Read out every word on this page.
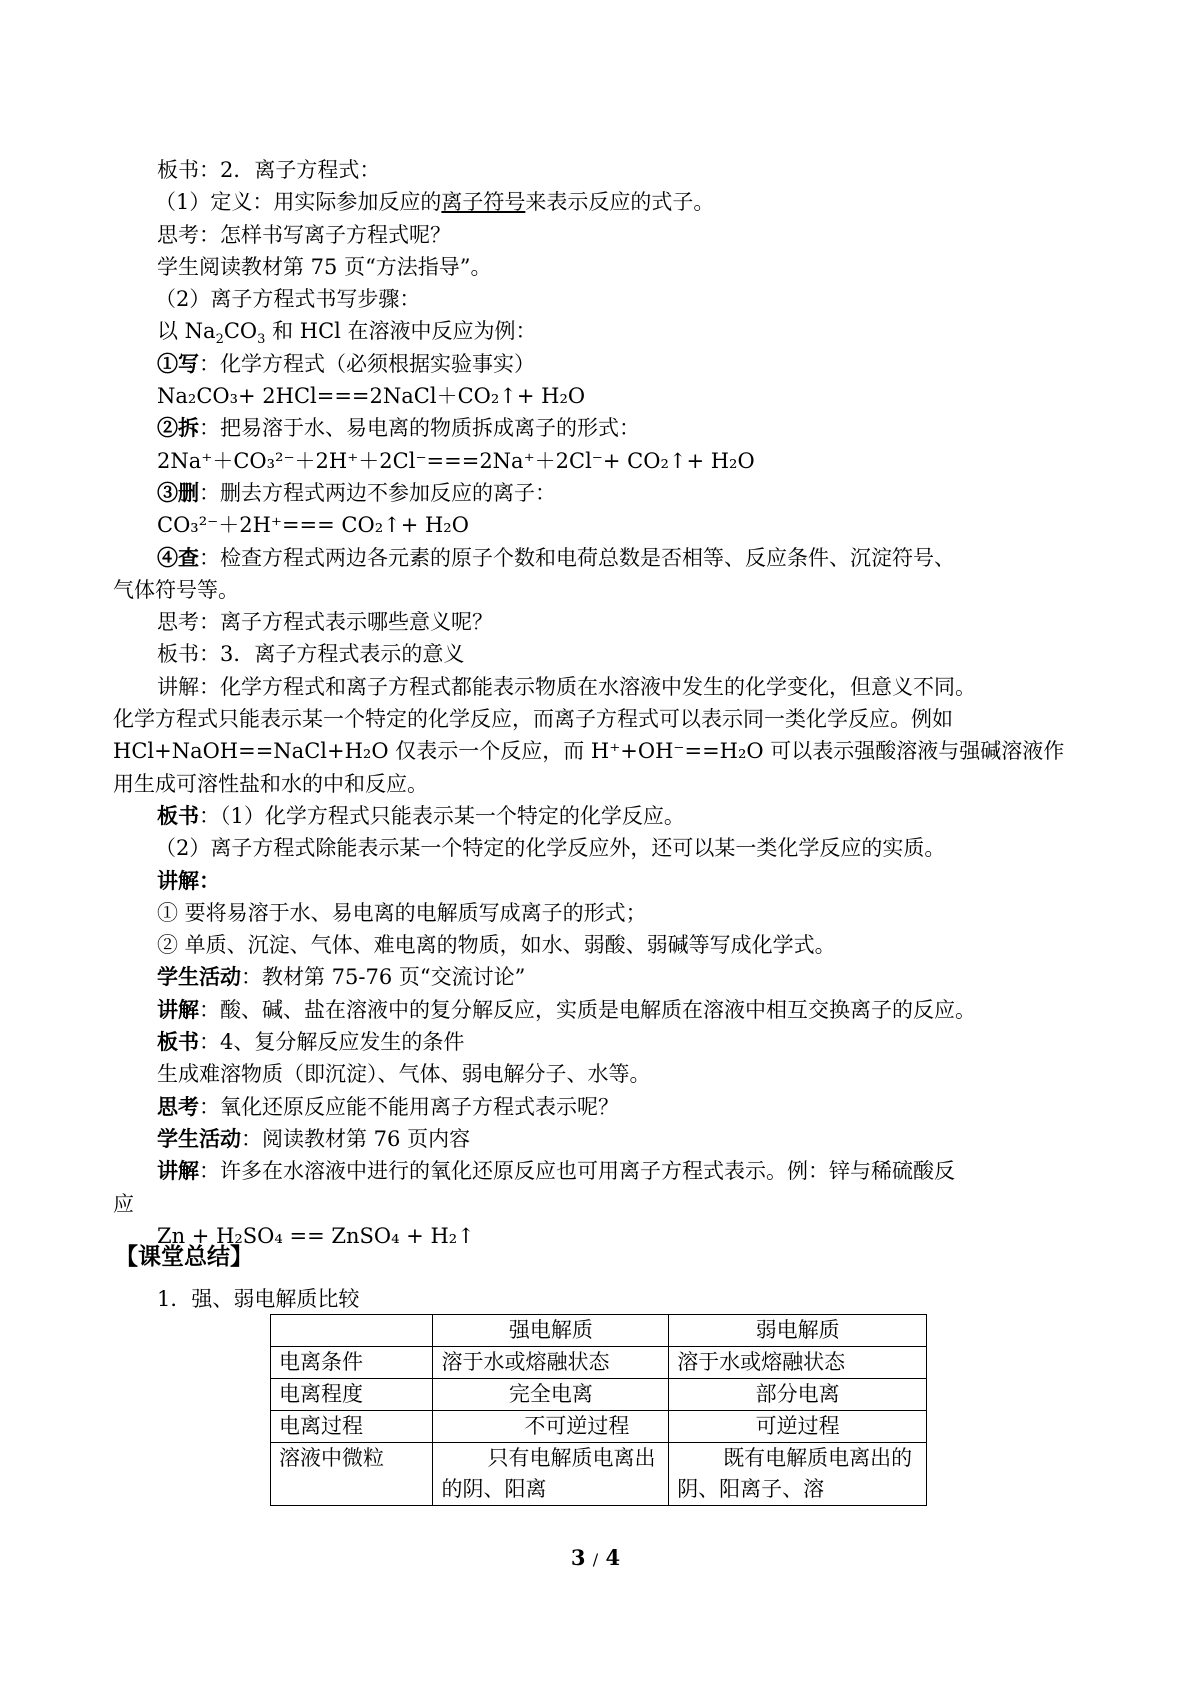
板书：2．离子方程式：
（1）定义：用实际参加反应的离子符号来表示反应的式子。
思考：怎样书写离子方程式呢？
学生阅读教材第 75 页“方法指导”。
（2）离子方程式书写步骤：
以 $Na_2CO_3$ 和 HCl 在溶液中反应为例：
①写：化学方程式（必须根据实验事实）
Na₂CO₃+ 2HCl===2NaCl＋CO₂↑+ H₂O
②拆：把易溶于水、易电离的物质拆成离子的形式：
2Na⁺＋CO₃²⁻＋2H⁺＋2Cl⁻===2Na⁺＋2Cl⁻+ CO₂↑+ H₂O
③删：删去方程式两边不参加反应的离子：
CO₃²⁻＋2H⁺=== CO₂↑+ H₂O
④查：检查方程式两边各元素的原子个数和电荷总数是否相等、反应条件、沉淀符号、
气体符号等。
思考：离子方程式表示哪些意义呢？
板书：3．离子方程式表示的意义
讲解：化学方程式和离子方程式都能表示物质在水溶液中发生的化学变化，但意义不同。
化学方程式只能表示某一个特定的化学反应，而离子方程式可以表示同一类化学反应。例如
HCl+NaOH==NaCl+H₂O 仅表示一个反应，而 H⁺+OH⁻==H₂O 可以表示强酸溶液与强碱溶液作
用生成可溶性盐和水的中和反应。
板书：（1）化学方程式只能表示某一个特定的化学反应。
（2）离子方程式除能表示某一个特定的化学反应外，还可以某一类化学反应的实质。
讲解：
① 要将易溶于水、易电离的电解质写成离子的形式；
② 单质、沉淀、气体、难电离的物质，如水、弱酸、弱碱等写成化学式。
学生活动：教材第 75-76 页“交流讨论”
讲解：酸、碱、盐在溶液中的复分解反应，实质是电解质在溶液中相互交换离子的反应。
板书：4、复分解反应发生的条件
生成难溶物质（即沉淀）、气体、弱电解分子、水等。
思考：氧化还原反应能不能用离子方程式表示呢？
学生活动：阅读教材第 76 页内容
讲解：许多在水溶液中进行的氧化还原反应也可用离子方程式表示。例：锌与稀硫酸反
应
Zn + H₂SO₄ == ZnSO₄ + H₂↑
【课堂总结】
1．强、弱电解质比较
	强电解质	弱电解质
电离条件	溶于水或熔融状态	溶于水或熔融状态
电离程度	完全电离	部分电离
电离过程	不可逆过程	可逆过程
溶液中微粒	只有电解质电离出的阴、阳离	既有电解质电离出的阴、阳离子、溶
3 / 4
